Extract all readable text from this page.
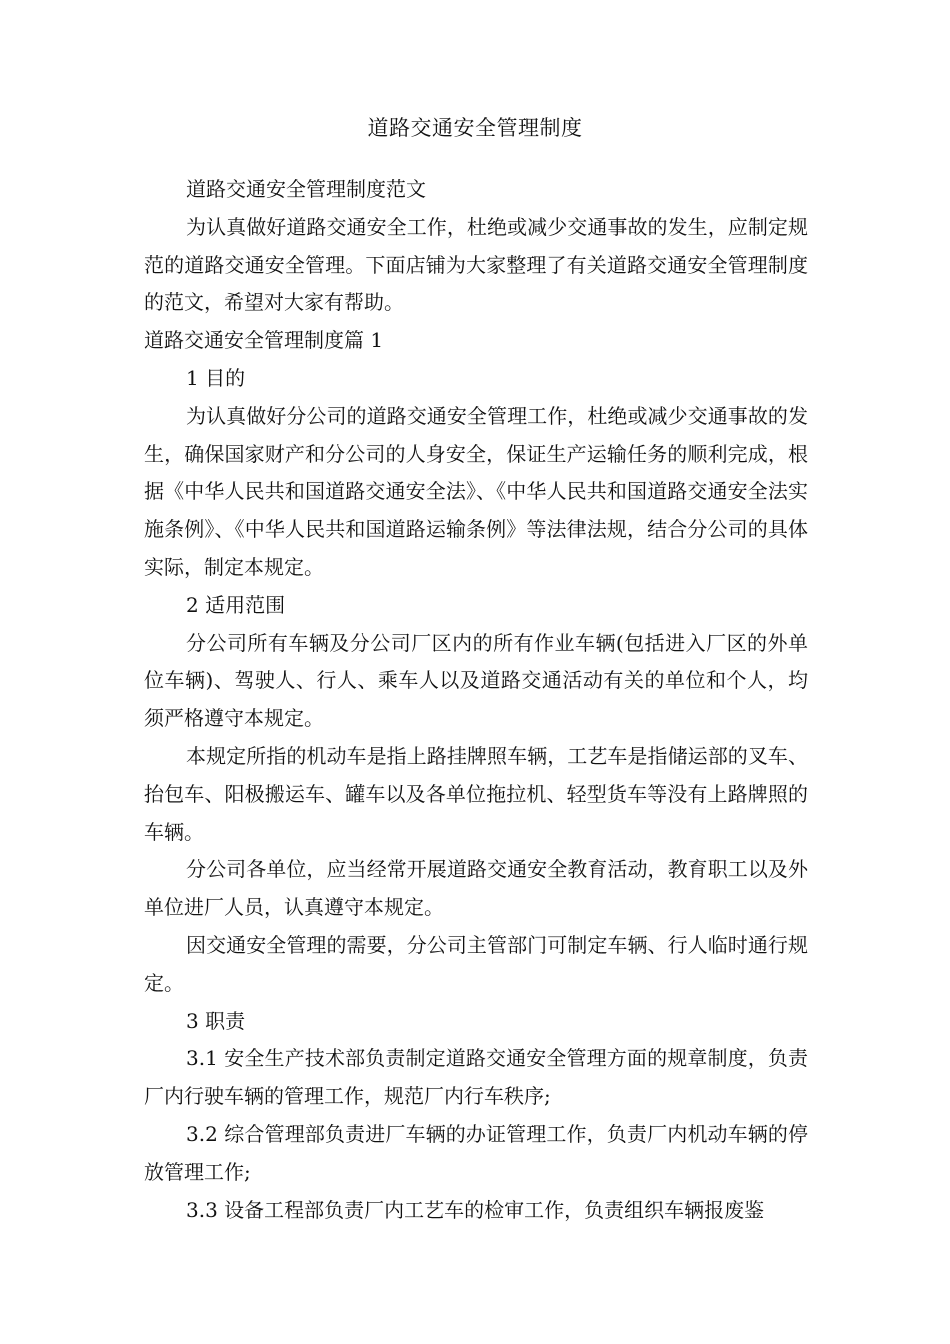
道路交通安全管理制度

道路交通安全管理制度范文

为认真做好道路交通安全工作，杜绝或减少交通事故的发生，应制定规范的道路交通安全管理。下面店铺为大家整理了有关道路交通安全管理制度的范文，希望对大家有帮助。

道路交通安全管理制度篇 1

1 目的

为认真做好分公司的道路交通安全管理工作，杜绝或减少交通事故的发生，确保国家财产和分公司的人身安全，保证生产运输任务的顺利完成，根据《中华人民共和国道路交通安全法》、《中华人民共和国道路交通安全法实施条例》、《中华人民共和国道路运输条例》等法律法规，结合分公司的具体实际，制定本规定。

2 适用范围

分公司所有车辆及分公司厂区内的所有作业车辆(包括进入厂区的外单位车辆)、驾驶人、行人、乘车人以及道路交通活动有关的单位和个人，均须严格遵守本规定。

本规定所指的机动车是指上路挂牌照车辆，工艺车是指储运部的叉车、抬包车、阳极搬运车、罐车以及各单位拖拉机、轻型货车等没有上路牌照的车辆。

分公司各单位，应当经常开展道路交通安全教育活动，教育职工以及外单位进厂人员，认真遵守本规定。

因交通安全管理的需要，分公司主管部门可制定车辆、行人临时通行规定。

3 职责

3.1 安全生产技术部负责制定道路交通安全管理方面的规章制度，负责厂内行驶车辆的管理工作，规范厂内行车秩序;

3.2 综合管理部负责进厂车辆的办证管理工作，负责厂内机动车辆的停放管理工作;

3.3 设备工程部负责厂内工艺车的检审工作，负责组织车辆报废鉴
